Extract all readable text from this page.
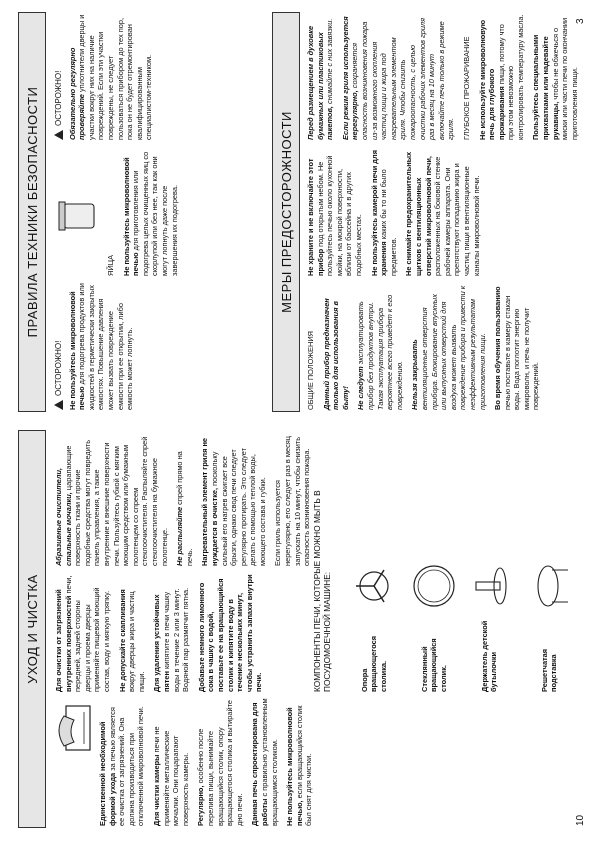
10
3
УХОД И ЧИСТКА

Единственной необходимой формой ухода за печью является ее очистка от загрязнений. Она должна производиться при отключенной микроволновой печи. Для чистки камеры печи не применяйте металлические мочалки. Они поцарапают поверхность камеры. Регулярно, особенно после перелива пищи, вынимайте вращающийся столик, опору вращающегося столика и вытирайте дно печи. Данная печь спроектирована для работы с правильно установленным вращающимся столиком. Не пользуйтесь микроволновой печью, если вращающийся столик был снят для чистки.

Для очистки от загрязнений внутренних поверхностей печи, передней, задней стороны дверцы и проема дверцы применяйте пищевой моющий состав, воду и мягкую тряпку. Не допускайте скапливания вокруг дверцы жира и частиц пищи. Для удаления устойчивых пятен кипятите в печи чашку воды в течение 2 или 3 минут. Водяной пар размягчит пятна. Добавьте немного лимонного сока в чашку с водой, поставьте ее на вращающийся столик и кипятите воду в течение нескольких минут, чтобы устранить запахи внутри печи.

Абразивные очистители, стальные мочалки, царапающие поверхность ткани и прочие подобные средства могут повредить панель управления, а также внутренние и внешние поверхности печи. Пользуйтесь губкой с мягким моющим средством или бумажным полотенцем со спреем стеклоочистителя. Распыляйте спрей стеклоочистителя на бумажное полотенце. Не распыляйте спрей прямо на печь. Нагревательный элемент гриля не нуждается в очистке, поскольку сильный его нагрев сжигает все брызги, однако свод печи следует регулярно протирать. Это следует делать с помощью теплой воды, моющего состава и губки. Если гриль используется нерегулярно, его следует раз в месяц запускать на 10 минут, чтобы снизить опасность возникновения пожара. КОМПОНЕНТЫ ПЕЧИ, КОТОРЫЕ МОЖНО МЫТЬ В ПОСУДОМОЕЧНОЙ МАШИНЕ:	Опора вращающегося столика.	Стеклянный вращающийся столик.	Держатель детской бутылочки	Решетчатая подставка
ПРАВИЛА ТЕХНИКИ БЕЗОПАСНОСТИ
ОСТОРОЖНО! Не пользуйтесь микроволновой печью для подогрева продуктов или жидкостей в герметически закрытых емкостях. Повышение давления может вызвать повреждение емкости при ее открытии, либо емкость может лопнуть.

ЯЙЦА Не пользуйтесь микроволновой печью для приготовления или подогрева целых очищенных яиц со скорлупой или без нее, так как они могут лопнуть даже после завершения их подогрева.

ОСТОРОЖНО! Обязательно регулярно проверяйте уплотнители дверцы и участки вокруг них на наличие повреждений. Если эти участки повреждены, не следует пользоваться прибором до тех пор, пока он не будет отремонтирован квалифицированным специалистом-техником.

МЕРЫ ПРЕДОСТОРОЖНОСТИ

ОБЩИЕ ПОЛОЖЕНИЯ Данный прибор предназначен только для использования в быту! Не следует эксплуатировать прибор без продуктов внутри. Такая эксплуатация прибора вероятнее всего приведет к его повреждению. Нельзя закрывать вентиляционные отверстия прибора. Блокирование впускных или выпускных отверстий для воздуха может вызвать повреждение прибора и привести к неэффективным результатам приготовления пищи. Во время обучения пользованию печью поставьте в камеру стакан воды. Вода поглотит энергию микроволн, и печь не получит повреждений.

Не храните и не включайте этот прибор под открытым небом. Не пользуйтесь печью около кухонной мойки, на мокрой поверхности, вблизи от бассейна и в других подобных местах. Не пользуйтесь камерой печи для хранения каких бы то ни было предметов. Не снимайте предохранительных щитков с вентиляционных отверстий микроволновой печи, расположенных на боковой стенке рабочей камеры аппарата. Они препятствуют попаданию жира и частиц пищи в вентиляционные каналы микроволновой печи.

Перед размещением в духовке бумажных или пластиковых пакетов, снимайте с них завязки. Если режим гриля используется нерегулярно, сохраняется опасность возникновения пожара из-за возможного скопления частиц пищи и жира под нагревательным элементом гриля. Чтобы снизить пожароопасность, с целью очистки рабочих элементов гриля раз в месяц на 10 минут включайте печь только в режиме гриля. ГЛУБОКОЕ ПРОЖАРИВАНИЕ Не используйте микроволновую печь для глубокого прожаривания пищи, потому что при этом невозможно контролировать температуру масла. Пользуйтесь специальными прихватками или надевайте рукавицы, чтобы не обжечься о миски или части печи по окончании приготовления пищи.
